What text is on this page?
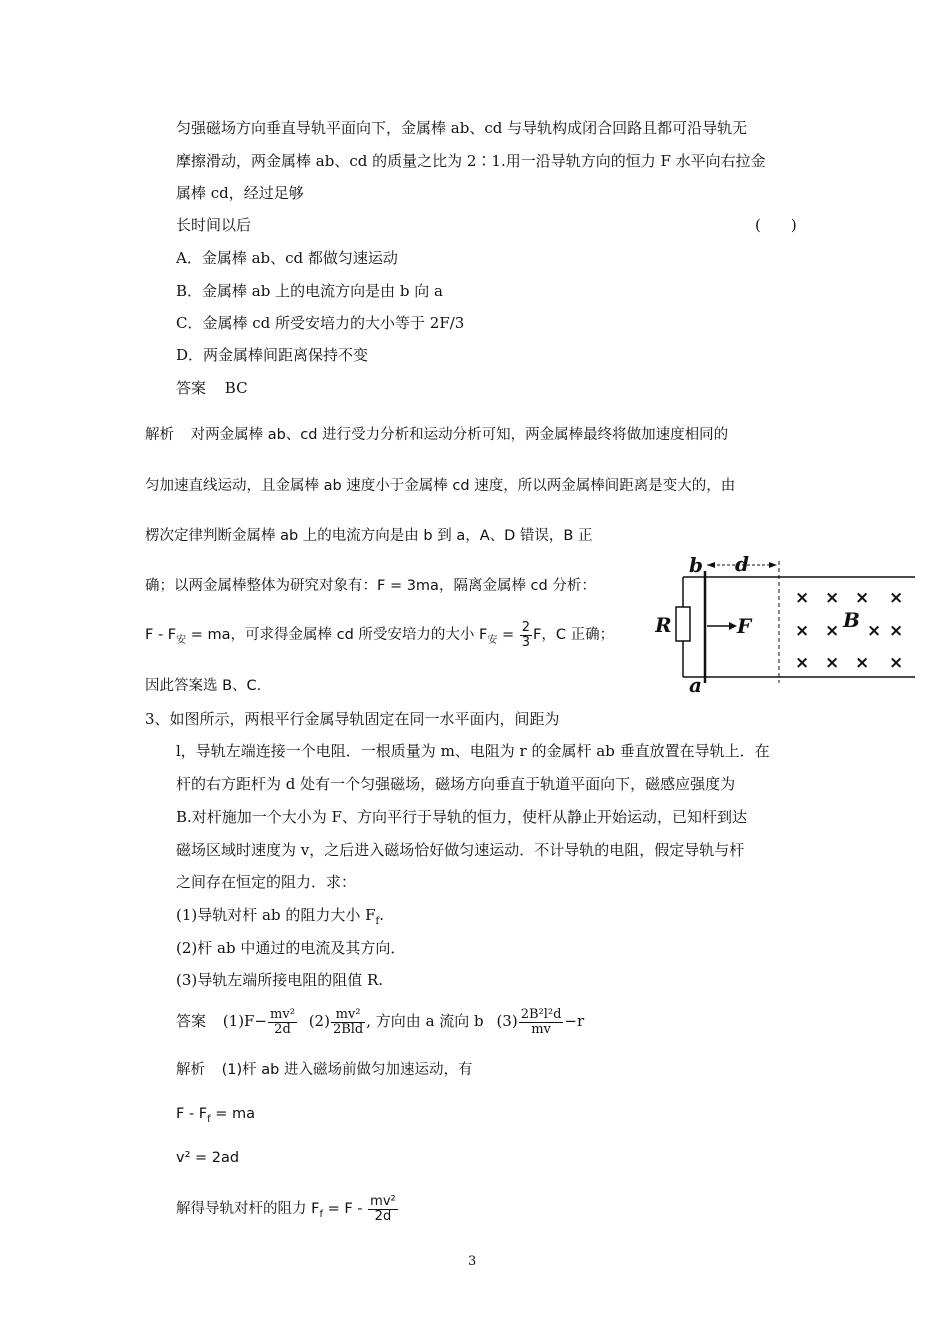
匀强磁场方向垂直导轨平面向下，金属棒 ab、cd 与导轨构成闭合回路且都可沿导轨无
摩擦滑动，两金属棒 ab、cd 的质量之比为 2∶1.用一沿导轨方向的恒力 F 水平向右拉金
属棒 cd，经过足够
长时间以后	(　　)
A．金属棒 ab、cd 都做匀速运动
B．金属棒 ab 上的电流方向是由 b 向 a
C．金属棒 cd 所受安培力的大小等于 2F/3
D．两金属棒间距离保持不变
答案 BC
解析 对两金属棒 ab、cd 进行受力分析和运动分析可知，两金属棒最终将做加速度相同的
匀加速直线运动，且金属棒 ab 速度小于金属棒 cd 速度，所以两金属棒间距离是变大的，由
楞次定律判断金属棒 ab 上的电流方向是由 b 到 a，A、D 错误，B 正
确；以两金属棒整体为研究对象有：F = 3ma，隔离金属棒 cd 分析：
F - $F_安$ = ma，可求得金属棒 cd 所受安培力的大小 $F_安 = \frac{2}{3}$ F，C 正确；
因此答案选 B、C.
d
b
a
R	F	B
× × × ×
× × × ×
× × × ×
3、如图所示，两根平行金属导轨固定在同一水平面内，间距为
l，导轨左端连接一个电阻．一根质量为 m、电阻为 r 的金属杆 ab 垂直放置在导轨上．在
杆的右方距杆为 d 处有一个匀强磁场，磁场方向垂直于轨道平面向下，磁感应强度为
B.对杆施加一个大小为 F、方向平行于导轨的恒力，使杆从静止开始运动，已知杆到达
磁场区域时速度为 v，之后进入磁场恰好做匀速运动．不计导轨的电阻，假定导轨与杆
之间存在恒定的阻力．求：
(1)导轨对杆 ab 的阻力大小 $F_f$.
(2)杆 ab 中通过的电流及其方向．
(3)导轨左端所接电阻的阻值 R.
答案 $(1)F- \frac{\text{mv²}}{2d} (2) \frac{\text{mv²}}{\text{2Bld}}$ , 方向由 a 流向 b $(3) \frac{\text{2B²l²d}}{mv} -r$
解析 (1)杆 ab 进入磁场前做匀加速运动，有
F - $F_f$ = ma
v² = 2ad
解得导轨对杆的阻力 $F_f = F - \frac{\text{mv²}}{2d}$
3
